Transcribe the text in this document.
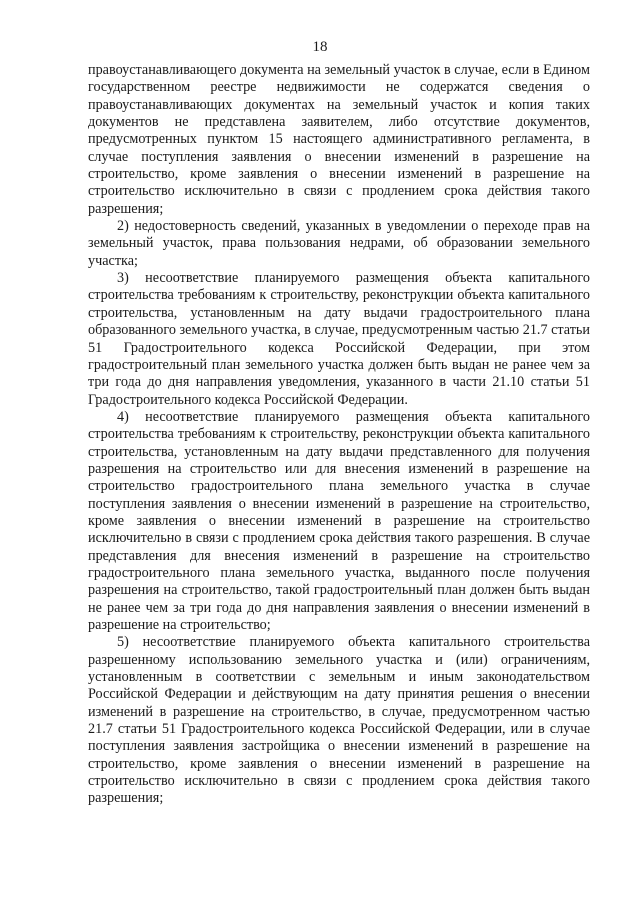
18

правоустанавливающего документа на земельный участок в случае, если в Едином государственном реестре недвижимости не содержатся сведения о правоустанавливающих документах на земельный участок и копия таких документов не представлена заявителем, либо отсутствие документов, предусмотренных пунктом 15 настоящего административного регламента, в случае поступления заявления о внесении изменений в разрешение на строительство, кроме заявления о внесении изменений в разрешение на строительство исключительно в связи с продлением срока действия такого разрешения;

2) недостоверность сведений, указанных в уведомлении о переходе прав на земельный участок, права пользования недрами, об образовании земельного участка;

3) несоответствие планируемого размещения объекта капитального строительства требованиям к строительству, реконструкции объекта капитального строительства, установленным на дату выдачи градостроительного плана образованного земельного участка, в случае, предусмотренным частью 21.7 статьи 51 Градостроительного кодекса Российской Федерации, при этом градостроительный план земельного участка должен быть выдан не ранее чем за три года до дня направления уведомления, указанного в части 21.10 статьи 51 Градостроительного кодекса Российской Федерации.

4) несоответствие планируемого размещения объекта капитального строительства требованиям к строительству, реконструкции объекта капитального строительства, установленным на дату выдачи представленного для получения разрешения на строительство или для внесения изменений в разрешение на строительство градостроительного плана земельного участка в случае поступления заявления о внесении изменений в разрешение на строительство, кроме заявления о внесении изменений в разрешение на строительство исключительно в связи с продлением срока действия такого разрешения. В случае представления для внесения изменений в разрешение на строительство градостроительного плана земельного участка, выданного после получения разрешения на строительство, такой градостроительный план должен быть выдан не ранее чем за три года до дня направления заявления о внесении изменений в разрешение на строительство;

5) несоответствие планируемого объекта капитального строительства разрешенному использованию земельного участка и (или) ограничениям, установленным в соответствии с земельным и иным законодательством Российской Федерации и действующим на дату принятия решения о внесении изменений в разрешение на строительство, в случае, предусмотренном частью 21.7 статьи 51 Градостроительного кодекса Российской Федерации, или в случае поступления заявления застройщика о внесении изменений в разрешение на строительство, кроме заявления о внесении изменений в разрешение на строительство исключительно в связи с продлением срока действия такого разрешения;
